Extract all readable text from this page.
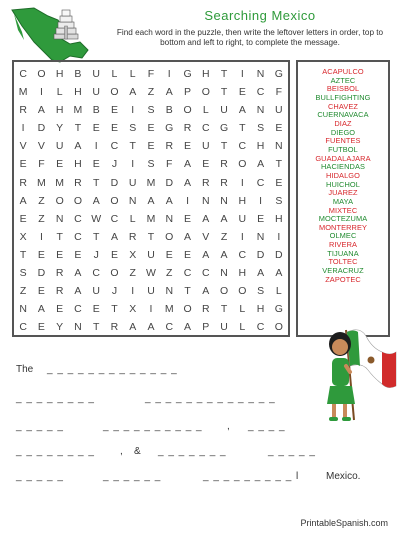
Searching Mexico
Find each word in the puzzle, then write the leftover letters in order, top to bottom and left to right, to complete the message.
C O H	B	U	L	L	F	I	G H	T	I	N G
M	I	L	H	U O	A	Z	A	P	O	T	E	C	F
R	A	H M B	E	I	S	B	O	L	U	A	N	U
I	D	Y	T	E	E	S	E	G R	C G	T	S	E
V	V	U	A	I	C	T	E	R	E	U	T	C	H	N
E	F	E	H	E	J	I	S	F	A	E	R O	A	T
R M M R	T	D	U M D	A	R	R	I	C	E
A	Z	O O	A	O N	A	A	I	N	N	H	I	S
E	Z	N	C W C	L	M N	E	A	A	U	E	H
X	I	T	C	T	A	R	T	O	A	V	Z	I	N	I
T	E	E	E	J	E	X	U	E	E	A	A	C	D	D
S	D	R	A	C O	Z W Z	C	C	N	H	A	A
Z	E	R	A	U	J	I	U	N	T	A	O O	S	L
N	A	E	C	E	T	X	I	M O R	T	L	H G
C	E	Y	N	T	R	A	A	C	A	P	U	L	C O
ACAPULCO
AZTEC
BEISBOL
BULLFIGHTING
CHAVEZ
CUERNAVACA
DIAZ
DIEGO
FUENTES
FUTBOL
GUADALAJARA
HACIENDAS
HIDALGO
HUICHOL
JUAREZ
MAYA
MIXTEC
MOCTEZUMA
MONTERREY
OLMEC
RIVERA
TIJUANA
TOLTEC
VERACRUZ
ZAPOTEC
The _ _ _ _ _ _ _ _ _ _ _ _ _
_ _ _ _ _ _ _ _	_ _ _ _ _ _ _ _ _ _ _ _ _
_ _ _ _ _	_ _ _ _ _ _ _ _ _ _ , _ _ _ _
_ _ _ _ _ _ _ _	, & _ _ _ _ _ _ _	_ _ _ _ _
_ _ _ _ _	_ _ _ _ _ _	_ _ _ _ _ _ _ _ _ l	Mexico.
PrintableSpanish.com
